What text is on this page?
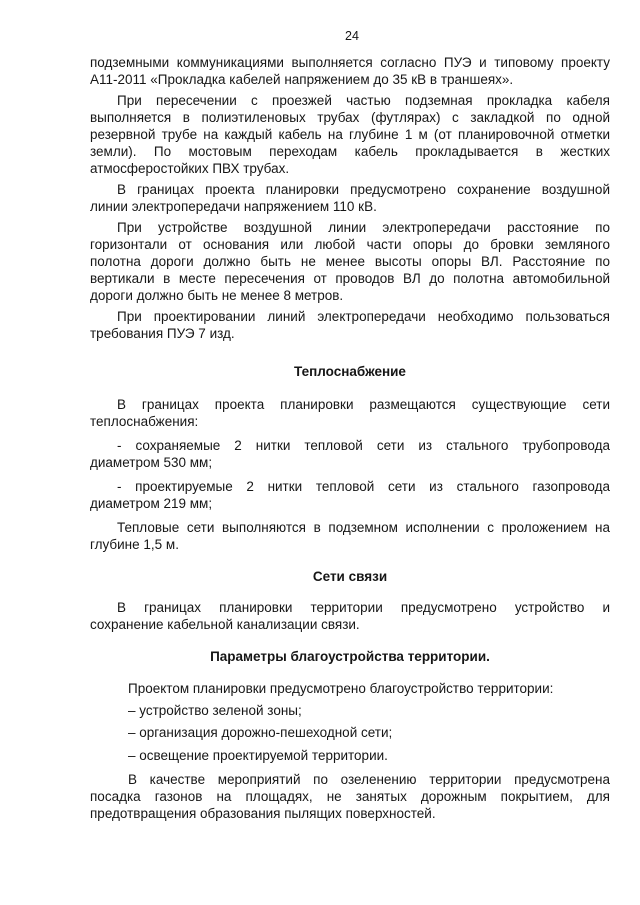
24
подземными коммуникациями выполняется согласно ПУЭ и типовому проекту
А11-2011 «Прокладка кабелей напряжением до 35 кВ в траншеях».
При пересечении с проезжей частью подземная прокладка кабеля
выполняется в полиэтиленовых трубах (футлярах) с закладкой по одной
резервной трубе на каждый кабель на глубине 1 м (от планировочной отметки
земли). По мостовым переходам кабель прокладывается в жестких
атмосферостойких ПВХ трубах.
В границах проекта планировки предусмотрено сохранение воздушной
линии электропередачи напряжением 110 кВ.
При устройстве воздушной линии электропередачи расстояние по
горизонтали от основания или любой части опоры до бровки земляного
полотна дороги должно быть не менее высоты опоры ВЛ. Расстояние по
вертикали в месте пересечения от проводов ВЛ до полотна автомобильной
дороги должно быть не менее 8 метров.
При проектировании линий электропередачи необходимо пользоваться
требования ПУЭ 7 изд.
Теплоснабжение
В границах проекта планировки размещаются существующие сети
теплоснабжения:
- сохраняемые 2 нитки тепловой сети из стального трубопровода
диаметром 530 мм;
- проектируемые 2 нитки тепловой сети из стального газопровода
диаметром 219 мм;
Тепловые сети выполняются в подземном исполнении с проложением на
глубине 1,5 м.
Сети связи
В границах планировки территории предусмотрено устройство и
сохранение кабельной канализации связи.
Параметры благоустройства территории.
Проектом планировки предусмотрено благоустройство территории:
– устройство зеленой зоны;
– организация дорожно-пешеходной сети;
– освещение проектируемой территории.
В качестве мероприятий по озеленению территории предусмотрена
посадка газонов на площадях, не занятых дорожным покрытием, для
предотвращения образования пылящих поверхностей.
